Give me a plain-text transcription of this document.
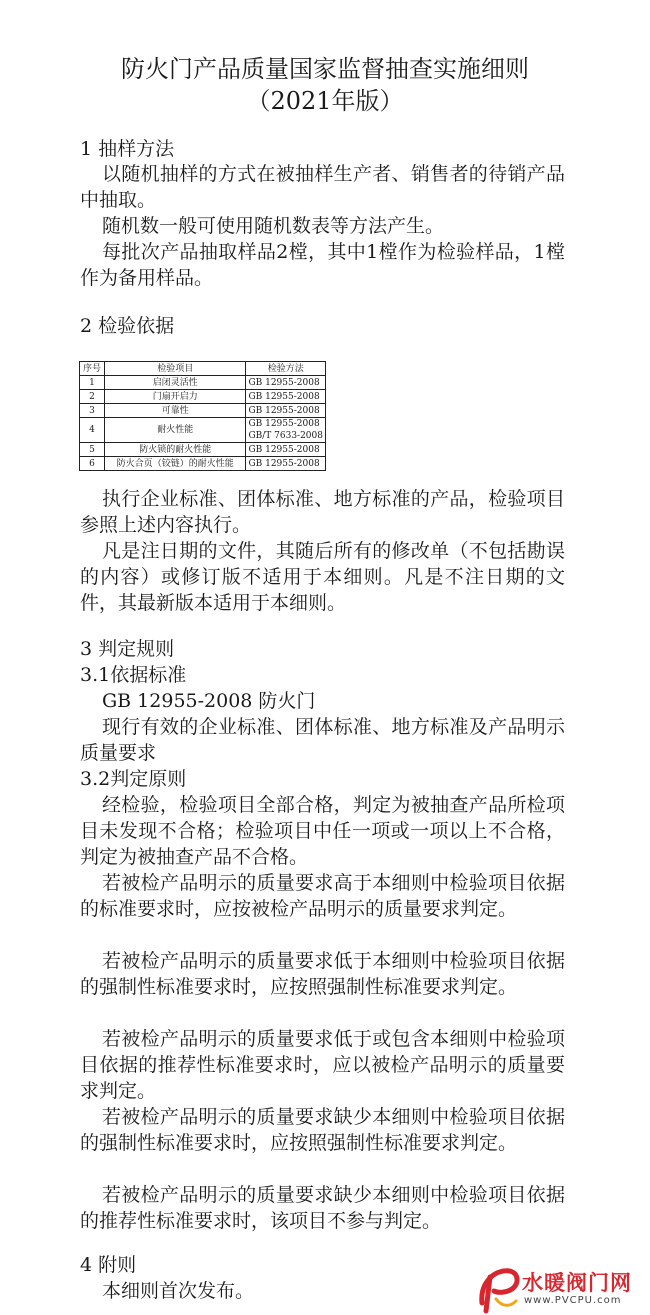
防火门产品质量国家监督抽查实施细则
（2021年版）
1 抽样方法

以随机抽样的方式在被抽样生产者、销售者的待销产品中抽取。

随机数一般可使用随机数表等方法产生。

每批次产品抽取样品2樘，其中1樘作为检验样品，1樘作为备用样品。

2 检验依据
序号	检验项目	检验方法
1	启闭灵活性	GB 12955-2008
2	门扇开启力	GB 12955-2008
3	可靠性	GB 12955-2008
4	耐火性能	GB 12955-2008
GB/T 7633-2008

5	防火锁的耐火性能	GB 12955-2008
6	防火合页（铰链）的耐火性能	GB 12955-2008

执行企业标准、团体标准、地方标准的产品，检验项目参照上述内容执行。

凡是注日期的文件，其随后所有的修改单（不包括勘误的内容）或修订版不适用于本细则。凡是不注日期的文件，其最新版本适用于本细则。

3 判定规则
3.1依据标准
GB 12955-2008 防火门

现行有效的企业标准、团体标准、地方标准及产品明示质量要求

3.2判定原则

经检验，检验项目全部合格，判定为被抽查产品所检项目未发现不合格；检验项目中任一项或一项以上不合格，判定为被抽查产品不合格。

若被检产品明示的质量要求高于本细则中检验项目依据的标准要求时，应按被检产品明示的质量要求判定。

若被检产品明示的质量要求低于本细则中检验项目依据的强制性标准要求时，应按照强制性标准要求判定。

若被检产品明示的质量要求低于或包含本细则中检验项目依据的推荐性标准要求时，应以被检产品明示的质量要求判定。

若被检产品明示的质量要求缺少本细则中检验项目依据的强制性标准要求时，应按照强制性标准要求判定。

若被检产品明示的质量要求缺少本细则中检验项目依据的推荐性标准要求时，该项目不参与判定。

4 附则

本细则首次发布。	水暖阀门网
www.PVCPU.com
